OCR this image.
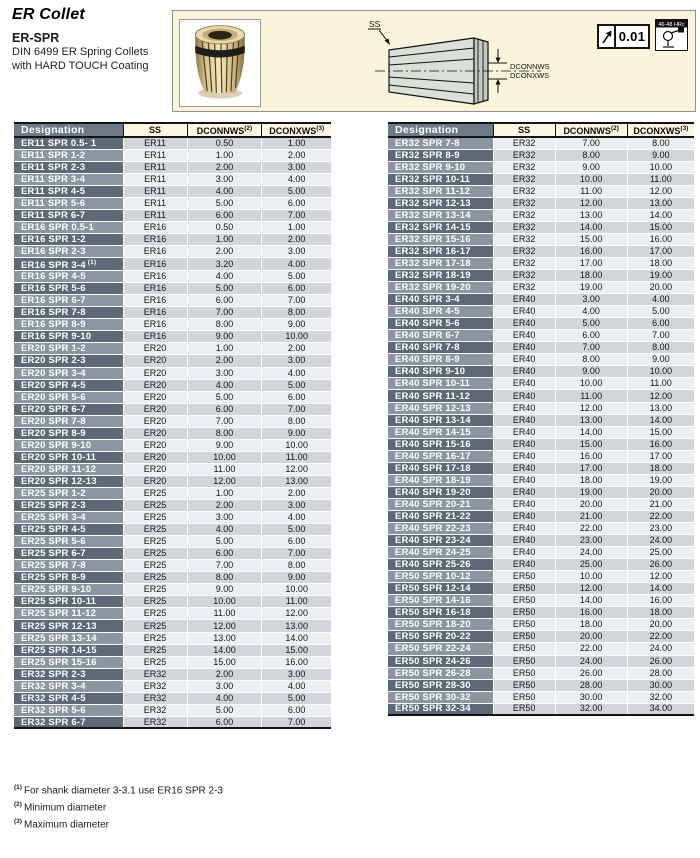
ER Collet
ER-SPR
DIN 6499 ER Spring Collets
with HARD TOUCH Coating
SS
DCONNWS
DCONXWS
0.01
46-48 HRc
Designation	SS	DCONNWS$^{(2)}$	DCONXWS$^{(3)}$
ER11 SPR 0.5- 1	ER11	0.50	1.00
ER11 SPR 1-2	ER11	1.00	2.00
ER11 SPR 2-3	ER11	2.00	3.00
ER11 SPR 3-4	ER11	3.00	4.00
ER11 SPR 4-5	ER11	4.00	5.00
ER11 SPR 5-6	ER11	5.00	6.00
ER11 SPR 6-7	ER11	6.00	7.00
ER16 SPR 0.5-1	ER16	0.50	1.00
ER16 SPR 1-2	ER16	1.00	2.00
ER16 SPR 2-3	ER16	2.00	3.00
ER16 SPR 3-4 $^{(1)}$	ER16	3.20	4.00
ER16 SPR 4-5	ER16	4.00	5.00
ER16 SPR 5-6	ER16	5.00	6.00
ER16 SPR 6-7	ER16	6.00	7.00
ER16 SPR 7-8	ER16	7.00	8.00
ER16 SPR 8-9	ER16	8.00	9.00
ER16 SPR 9-10	ER16	9.00	10.00
ER20 SPR 1-2	ER20	1.00	2.00
ER20 SPR 2-3	ER20	2.00	3.00
ER20 SPR 3-4	ER20	3.00	4.00
ER20 SPR 4-5	ER20	4.00	5.00
ER20 SPR 5-6	ER20	5.00	6.00
ER20 SPR 6-7	ER20	6.00	7.00
ER20 SPR 7-8	ER20	7.00	8.00
ER20 SPR 8-9	ER20	8.00	9.00
ER20 SPR 9-10	ER20	9.00	10.00
ER20 SPR 10-11	ER20	10.00	11.00
ER20 SPR 11-12	ER20	11.00	12.00
ER20 SPR 12-13	ER20	12.00	13.00
ER25 SPR 1-2	ER25	1.00	2.00
ER25 SPR 2-3	ER25	2.00	3.00
ER25 SPR 3-4	ER25	3.00	4.00
ER25 SPR 4-5	ER25	4.00	5.00
ER25 SPR 5-6	ER25	5.00	6.00
ER25 SPR 6-7	ER25	6.00	7.00
ER25 SPR 7-8	ER25	7.00	8.00
ER25 SPR 8-9	ER25	8.00	9.00
ER25 SPR 9-10	ER25	9.00	10.00
ER25 SPR 10-11	ER25	10.00	11.00
ER25 SPR 11-12	ER25	11.00	12.00
ER25 SPR 12-13	ER25	12.00	13.00
ER25 SPR 13-14	ER25	13.00	14.00
ER25 SPR 14-15	ER25	14.00	15.00
ER25 SPR 15-16	ER25	15.00	16.00
ER32 SPR 2-3	ER32	2.00	3.00
ER32 SPR 3-4	ER32	3.00	4.00
ER32 SPR 4-5	ER32	4.00	5.00
ER32 SPR 5-6	ER32	5.00	6.00
ER32 SPR 6-7	ER32	6.00	7.00
Designation	SS	DCONNWS$^{(2)}$	DCONXWS$^{(3)}$
ER32 SPR 7-8	ER32	7.00	8.00
ER32 SPR 8-9	ER32	8.00	9.00
ER32 SPR 9-10	ER32	9.00	10.00
ER32 SPR 10-11	ER32	10.00	11.00
ER32 SPR 11-12	ER32	11.00	12.00
ER32 SPR 12-13	ER32	12.00	13.00
ER32 SPR 13-14	ER32	13.00	14.00
ER32 SPR 14-15	ER32	14.00	15.00
ER32 SPR 15-16	ER32	15.00	16.00
ER32 SPR 16-17	ER32	16.00	17.00
ER32 SPR 17-18	ER32	17.00	18.00
ER32 SPR 18-19	ER32	18.00	19.00
ER32 SPR 19-20	ER32	19.00	20.00
ER40 SPR 3-4	ER40	3.00	4.00
ER40 SPR 4-5	ER40	4.00	5.00
ER40 SPR 5-6	ER40	5.00	6.00
ER40 SPR 6-7	ER40	6.00	7.00
ER40 SPR 7-8	ER40	7.00	8.00
ER40 SPR 8-9	ER40	8.00	9.00
ER40 SPR 9-10	ER40	9.00	10.00
ER40 SPR 10-11	ER40	10.00	11.00
ER40 SPR 11-12	ER40	11.00	12.00
ER40 SPR 12-13	ER40	12.00	13.00
ER40 SPR 13-14	ER40	13.00	14.00
ER40 SPR 14-15	ER40	14.00	15.00
ER40 SPR 15-16	ER40	15.00	16.00
ER40 SPR 16-17	ER40	16.00	17.00
ER40 SPR 17-18	ER40	17.00	18.00
ER40 SPR 18-19	ER40	18.00	19.00
ER40 SPR 19-20	ER40	19.00	20.00
ER40 SPR 20-21	ER40	20.00	21.00
ER40 SPR 21-22	ER40	21.00	22.00
ER40 SPR 22-23	ER40	22.00	23.00
ER40 SPR 23-24	ER40	23.00	24.00
ER40 SPR 24-25	ER40	24.00	25.00
ER40 SPR 25-26	ER40	25.00	26.00
ER50 SPR 10-12	ER50	10.00	12.00
ER50 SPR 12-14	ER50	12.00	14.00
ER50 SPR 14-16	ER50	14.00	16.00
ER50 SPR 16-18	ER50	16.00	18.00
ER50 SPR 18-20	ER50	18.00	20.00
ER50 SPR 20-22	ER50	20.00	22.00
ER50 SPR 22-24	ER50	22.00	24.00
ER50 SPR 24-26	ER50	24.00	26.00
ER50 SPR 26-28	ER50	26.00	28.00
ER50 SPR 28-30	ER50	28.00	30.00
ER50 SPR 30-32	ER50	30.00	32.00
ER50 SPR 32-34	ER50	32.00	34.00
$^{(1)}$ For shank diameter 3-3.1 use ER16 SPR 2-3
$^{(2)}$ Minimum diameter
$^{(3)}$ Maximum diameter
